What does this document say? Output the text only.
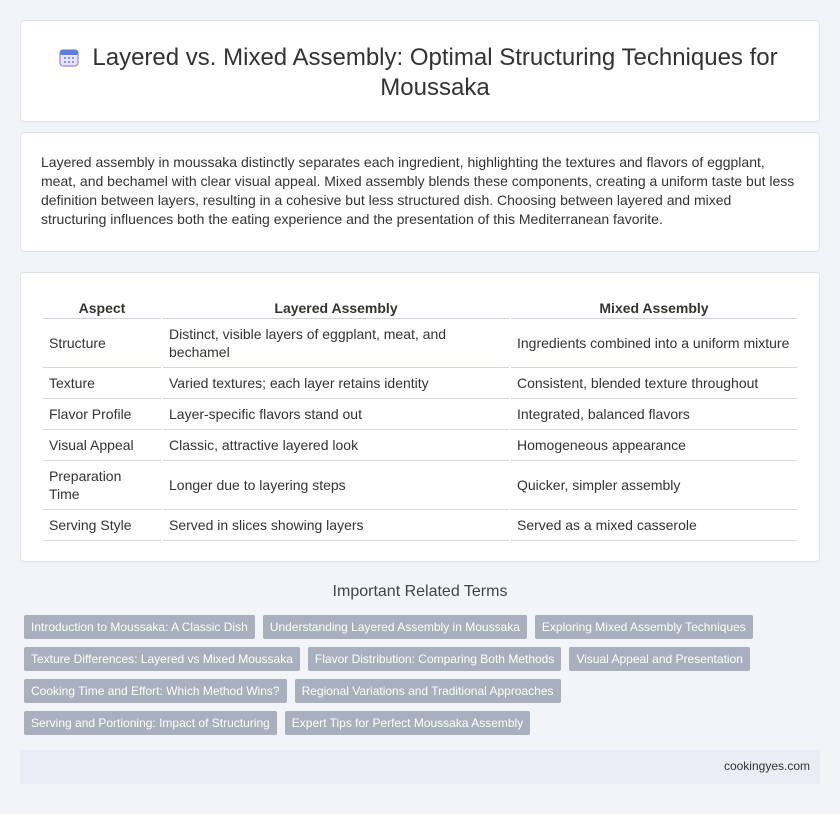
Layered vs. Mixed Assembly: Optimal Structuring Techniques for Moussaka

Layered assembly in moussaka distinctly separates each ingredient, highlighting the textures and flavors of eggplant, meat, and bechamel with clear visual appeal. Mixed assembly blends these components, creating a uniform taste but less definition between layers, resulting in a cohesive but less structured dish. Choosing between layered and mixed structuring influences both the eating experience and the presentation of this Mediterranean favorite.

Aspect	Layered Assembly	Mixed Assembly
Structure	Distinct, visible layers of eggplant, meat, and bechamel	Ingredients combined into a uniform mixture
Texture	Varied textures; each layer retains identity	Consistent, blended texture throughout
Flavor Profile	Layer-specific flavors stand out	Integrated, balanced flavors
Visual Appeal	Classic, attractive layered look	Homogeneous appearance
Preparation Time	Longer due to layering steps	Quicker, simpler assembly
Serving Style	Served in slices showing layers	Served as a mixed casserole
Important Related Terms
Introduction to Moussaka: A Classic Dish	Understanding Layered Assembly in Moussaka	Exploring Mixed Assembly Techniques
Texture Differences: Layered vs Mixed Moussaka	Flavor Distribution: Comparing Both Methods	Visual Appeal and Presentation
Cooking Time and Effort: Which Method Wins?	Regional Variations and Traditional Approaches
Serving and Portioning: Impact of Structuring	Expert Tips for Perfect Moussaka Assembly
cookingyes.com
